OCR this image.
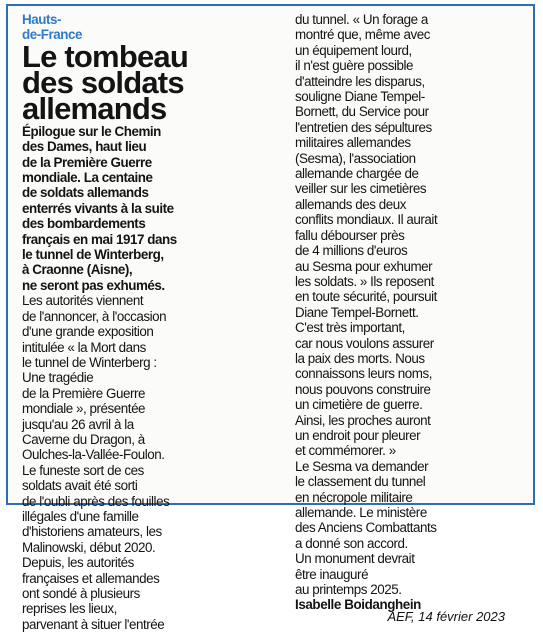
Hauts-
de-France
Le tombeau
des soldats
allemands
Épilogue sur le Chemin
des Dames, haut lieu
de la Première Guerre
mondiale. La centaine
de soldats allemands
enterrés vivants à la suite
des bombardements
français en mai 1917 dans
le tunnel de Winterberg,
à Craonne (Aisne),
ne seront pas exhumés.
Les autorités viennent
de l'annoncer, à l'occasion
d'une grande exposition
intitulée « la Mort dans
le tunnel de Winterberg :
Une tragédie
de la Première Guerre
mondiale », présentée
jusqu'au 26 avril à la
Caverne du Dragon, à
Oulches-la-Vallée-Foulon.
Le funeste sort de ces
soldats avait été sorti
de l'oubli après des fouilles
illégales d'une famille
d'historiens amateurs, les
Malinowski, début 2020.
Depuis, les autorités
françaises et allemandes
ont sondé à plusieurs
reprises les lieux,
parvenant à situer l'entrée
du tunnel. « Un forage a
montré que, même avec
un équipement lourd,
il n'est guère possible
d'atteindre les disparus,
souligne Diane Tempel-
Bornett, du Service pour
l'entretien des sépultures
militaires allemandes
(Sesma), l'association
allemande chargée de
veiller sur les cimetières
allemands des deux
conflits mondiaux. Il aurait
fallu débourser près
de 4 millions d'euros
au Sesma pour exhumer
les soldats. » Ils reposent
en toute sécurité, poursuit
Diane Tempel-Bornett.
C'est très important,
car nous voulons assurer
la paix des morts. Nous
connaissons leurs noms,
nous pouvons construire
un cimetière de guerre.
Ainsi, les proches auront
un endroit pour pleurer
et commémorer. »
Le Sesma va demander
le classement du tunnel
en nécropole militaire
allemande. Le ministère
des Anciens Combattants
a donné son accord.
Un monument devrait
être inauguré
au printemps 2025.
Isabelle Boidanghein
AEF, 14 février 2023
